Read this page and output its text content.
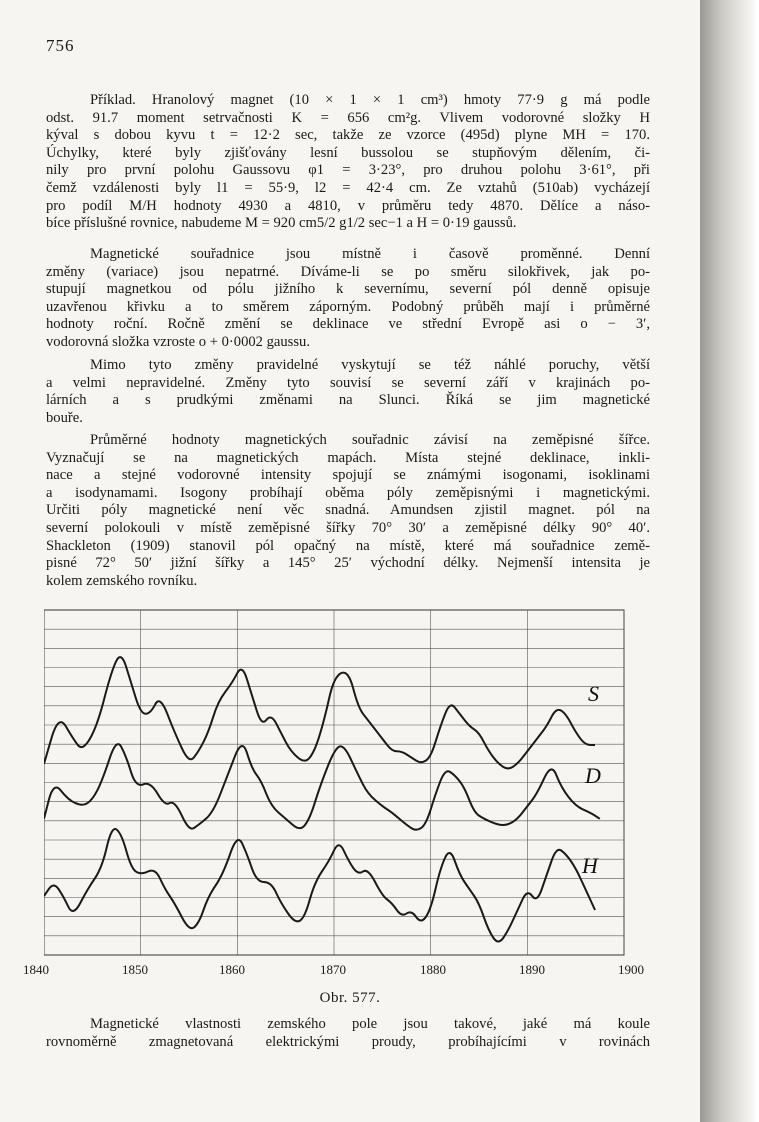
756
Příklad. Hranolový magnet (10 × 1 × 1 cm³) hmoty 77·9 g má podle
odst. 91.7 moment setrvačnosti K = 656 cm²g. Vlivem vodorovné složky H
kýval s dobou kyvu t = 12·2 sec, takže ze vzorce (495d) plyne MH = 170.
Úchylky, které byly zjišťovány lesní bussolou se stupňovým dělením, či-
nily pro první polohu Gaussovu φ1 = 3·23°, pro druhou polohu 3·61°, při
čemž vzdálenosti byly l1 = 55·9, l2 = 42·4 cm. Ze vztahů (510ab) vycházejí
pro podíl M/H hodnoty 4930 a 4810, v průměru tedy 4870. Dělíce a náso-
bíce příslušné rovnice, nabudeme M = 920 cm5/2 g1/2 sec−1 a H = 0·19 gaussů.
Magnetické souřadnice jsou místně i časově proměnné. Denní
změny (variace) jsou nepatrné. Díváme-li se po směru silokřivek, jak po-
stupují magnetkou od pólu jižního k severnímu, severní pól denně opisuje
uzavřenou křivku a to směrem záporným. Podobný průběh mají i průměrné
hodnoty roční. Ročně změní se deklinace ve střední Evropě asi o − 3′,
vodorovná složka vzroste o + 0·0002 gaussu.
Mimo tyto změny pravidelné vyskytují se též náhlé poruchy, větší
a velmi nepravidelné. Změny tyto souvisí se severní září v krajinách po-
lárních a s prudkými změnami na Slunci. Říká se jim magnetické
bouře.
Průměrné hodnoty magnetických souřadnic závisí na zeměpisné šířce.
Vyznačují se na magnetických mapách. Místa stejné deklinace, inkli-
nace a stejné vodorovné intensity spojují se známými isogonami, isoklinami
a isodynamami. Isogony probíhají oběma póly zeměpisnými i magnetickými.
Určiti póly magnetické není věc snadná. Amundsen zjistil magnet. pól na
severní polokouli v místě zeměpisné šířky 70° 30′ a zeměpisné délky 90° 40′.
Shackleton (1909) stanovil pól opačný na místě, které má souřadnice země-
pisné 72° 50′ jižní šířky a 145° 25′ východní délky. Nejmenší intensita je
kolem zemského rovníku.
S
D
H
1840	1850	1860	1870	1880	1890	1900
Obr. 577.
Magnetické vlastnosti zemského pole jsou takové, jaké má koule
rovnoměrně zmagnetovaná elektrickými proudy, probíhajícími v rovinách
